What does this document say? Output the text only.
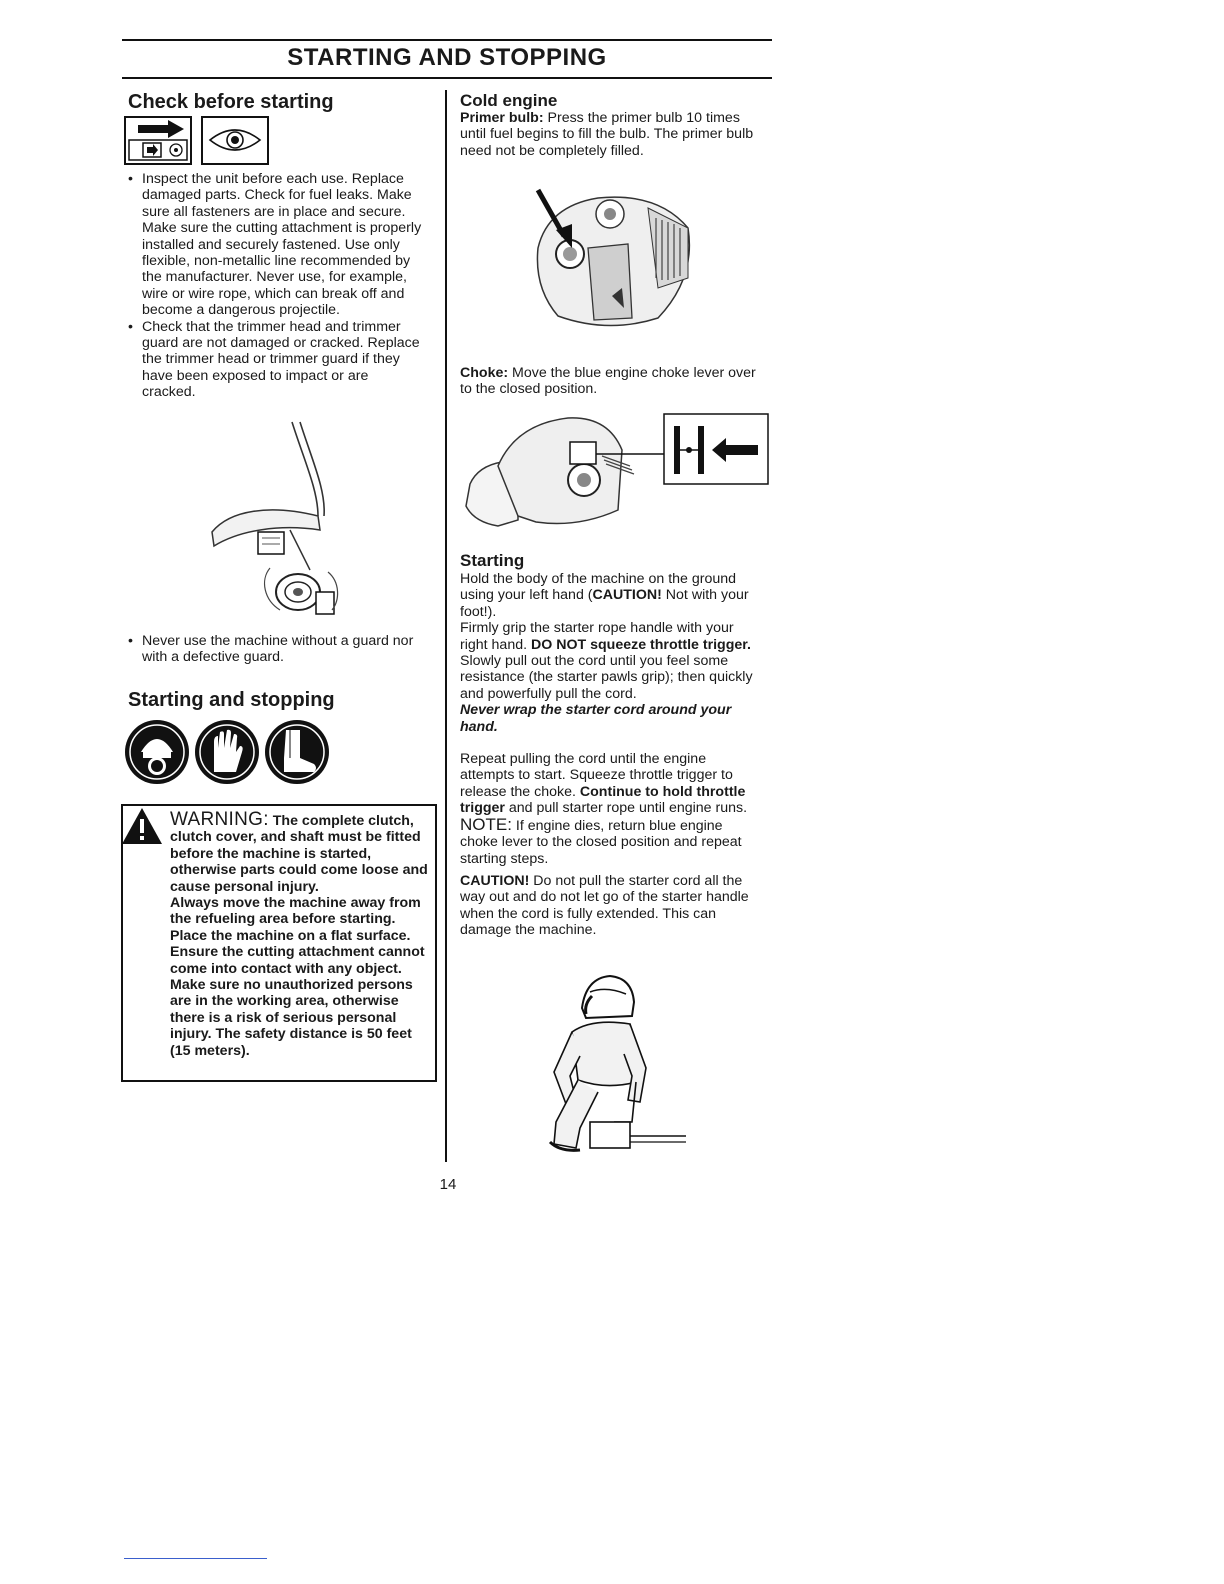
STARTING AND STOPPING
Check before starting
• Inspect the unit before each use. Replace damaged parts. Check for fuel leaks. Make sure all fasteners are in place and secure. Make sure the cutting attachment is properly installed and securely fastened. Use only flexible, non-metallic line recommended by the manufacturer. Never use, for example, wire or wire rope, which can break off and become a dangerous projectile.
• Check that the trimmer head and trimmer guard are not damaged or cracked. Replace the trimmer head or trimmer guard if they have been exposed to impact or are cracked.
• Never use the machine without a guard nor with a defective guard.
Starting and stopping

WARNING: The complete clutch, clutch cover, and shaft must be fitted before the machine is started, otherwise parts could come loose and cause personal injury.

Always move the machine away from the refueling area before starting. Place the machine on a flat surface. Ensure the cutting attachment cannot come into contact with any object.

Make sure no unauthorized persons are in the working area, otherwise there is a risk of serious personal injury. The safety distance is 50 feet (15 meters).

Cold engine

Primer bulb: Press the primer bulb 10 times until fuel begins to fill the bulb. The primer bulb need not be completely filled.

Choke: Move the blue engine choke lever over to the closed position.

Starting

Hold the body of the machine on the ground using your left hand (CAUTION! Not with your foot!).

Firmly grip the starter rope handle with your right hand. DO NOT squeeze throttle trigger. Slowly pull out the cord until you feel some resistance (the starter pawls grip); then quickly and powerfully pull the cord.

Never wrap the starter cord around your hand.

Repeat pulling the cord until the engine attempts to start. Squeeze throttle trigger to release the choke. Continue to hold throttle trigger and pull starter rope until engine runs.

NOTE: If engine dies, return blue engine choke lever to the closed position and repeat starting steps.

CAUTION! Do not pull the starter cord all the way out and do not let go of the starter handle when the cord is fully extended. This can damage the machine.

14
